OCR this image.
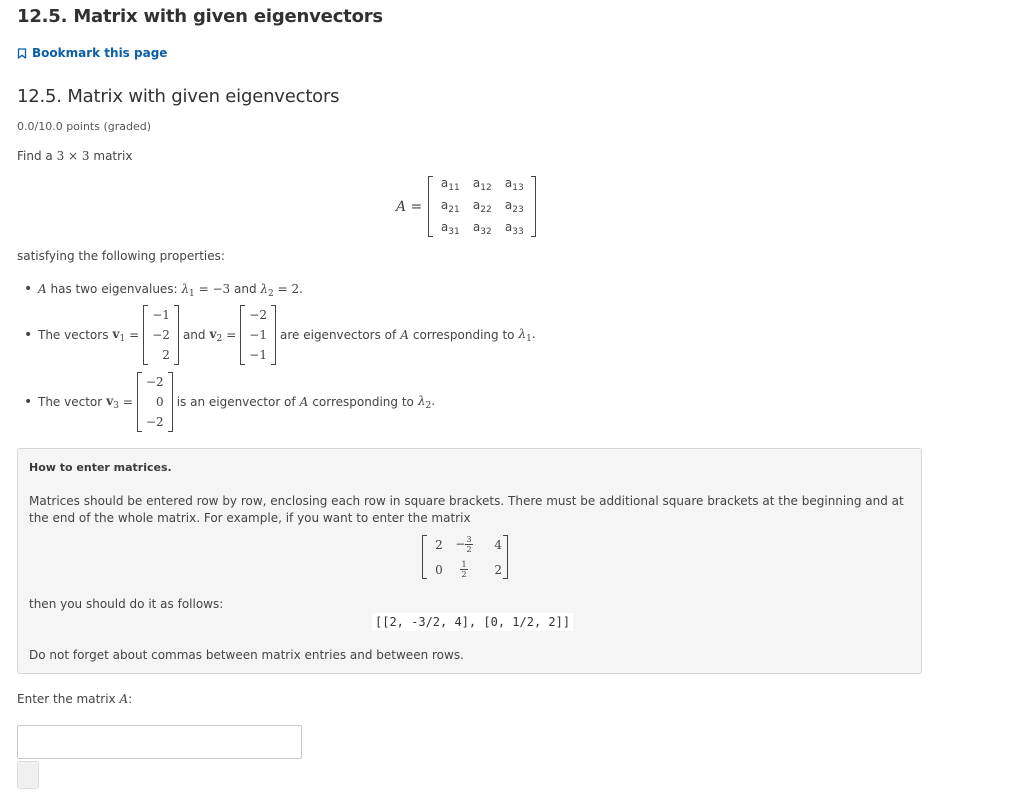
12.5. Matrix with given eigenvectors
Bookmark this page
12.5. Matrix with given eigenvectors
0.0/10.0 points (graded)
Find a 3 × 3 matrix
A =
$a_{11}$	$a_{12}$	$a_{13}$
$a_{21}$	$a_{22}$	$a_{23}$
$a_{31}$	$a_{32}$	$a_{33}$
satisfying the following properties:
• A has two eigenvalues: $\lambda_1 = -3$ and $\lambda_2 = 2$.
• The vectors $v_1$ =
−1
−2
2
and $v_2$ =
−2
−1
−1
are eigenvectors of A corresponding to $\lambda_1$.
• The vector $v_3$ =
−2
0
−2
is an eigenvector of A corresponding to $\lambda_2$.
How to enter matrices.
Matrices should be entered row by row, enclosing each row in square brackets. There must be additional square brackets at the beginning and at the end of the whole matrix. For example, if you want to enter the matrix
2	− $\frac{3}{2}$	4
0	$\frac{1}{2}$	2
then you should do it as follows:
[[2, -3/2, 4], [0, 1/2, 2]]
Do not forget about commas between matrix entries and between rows.
Enter the matrix A:
